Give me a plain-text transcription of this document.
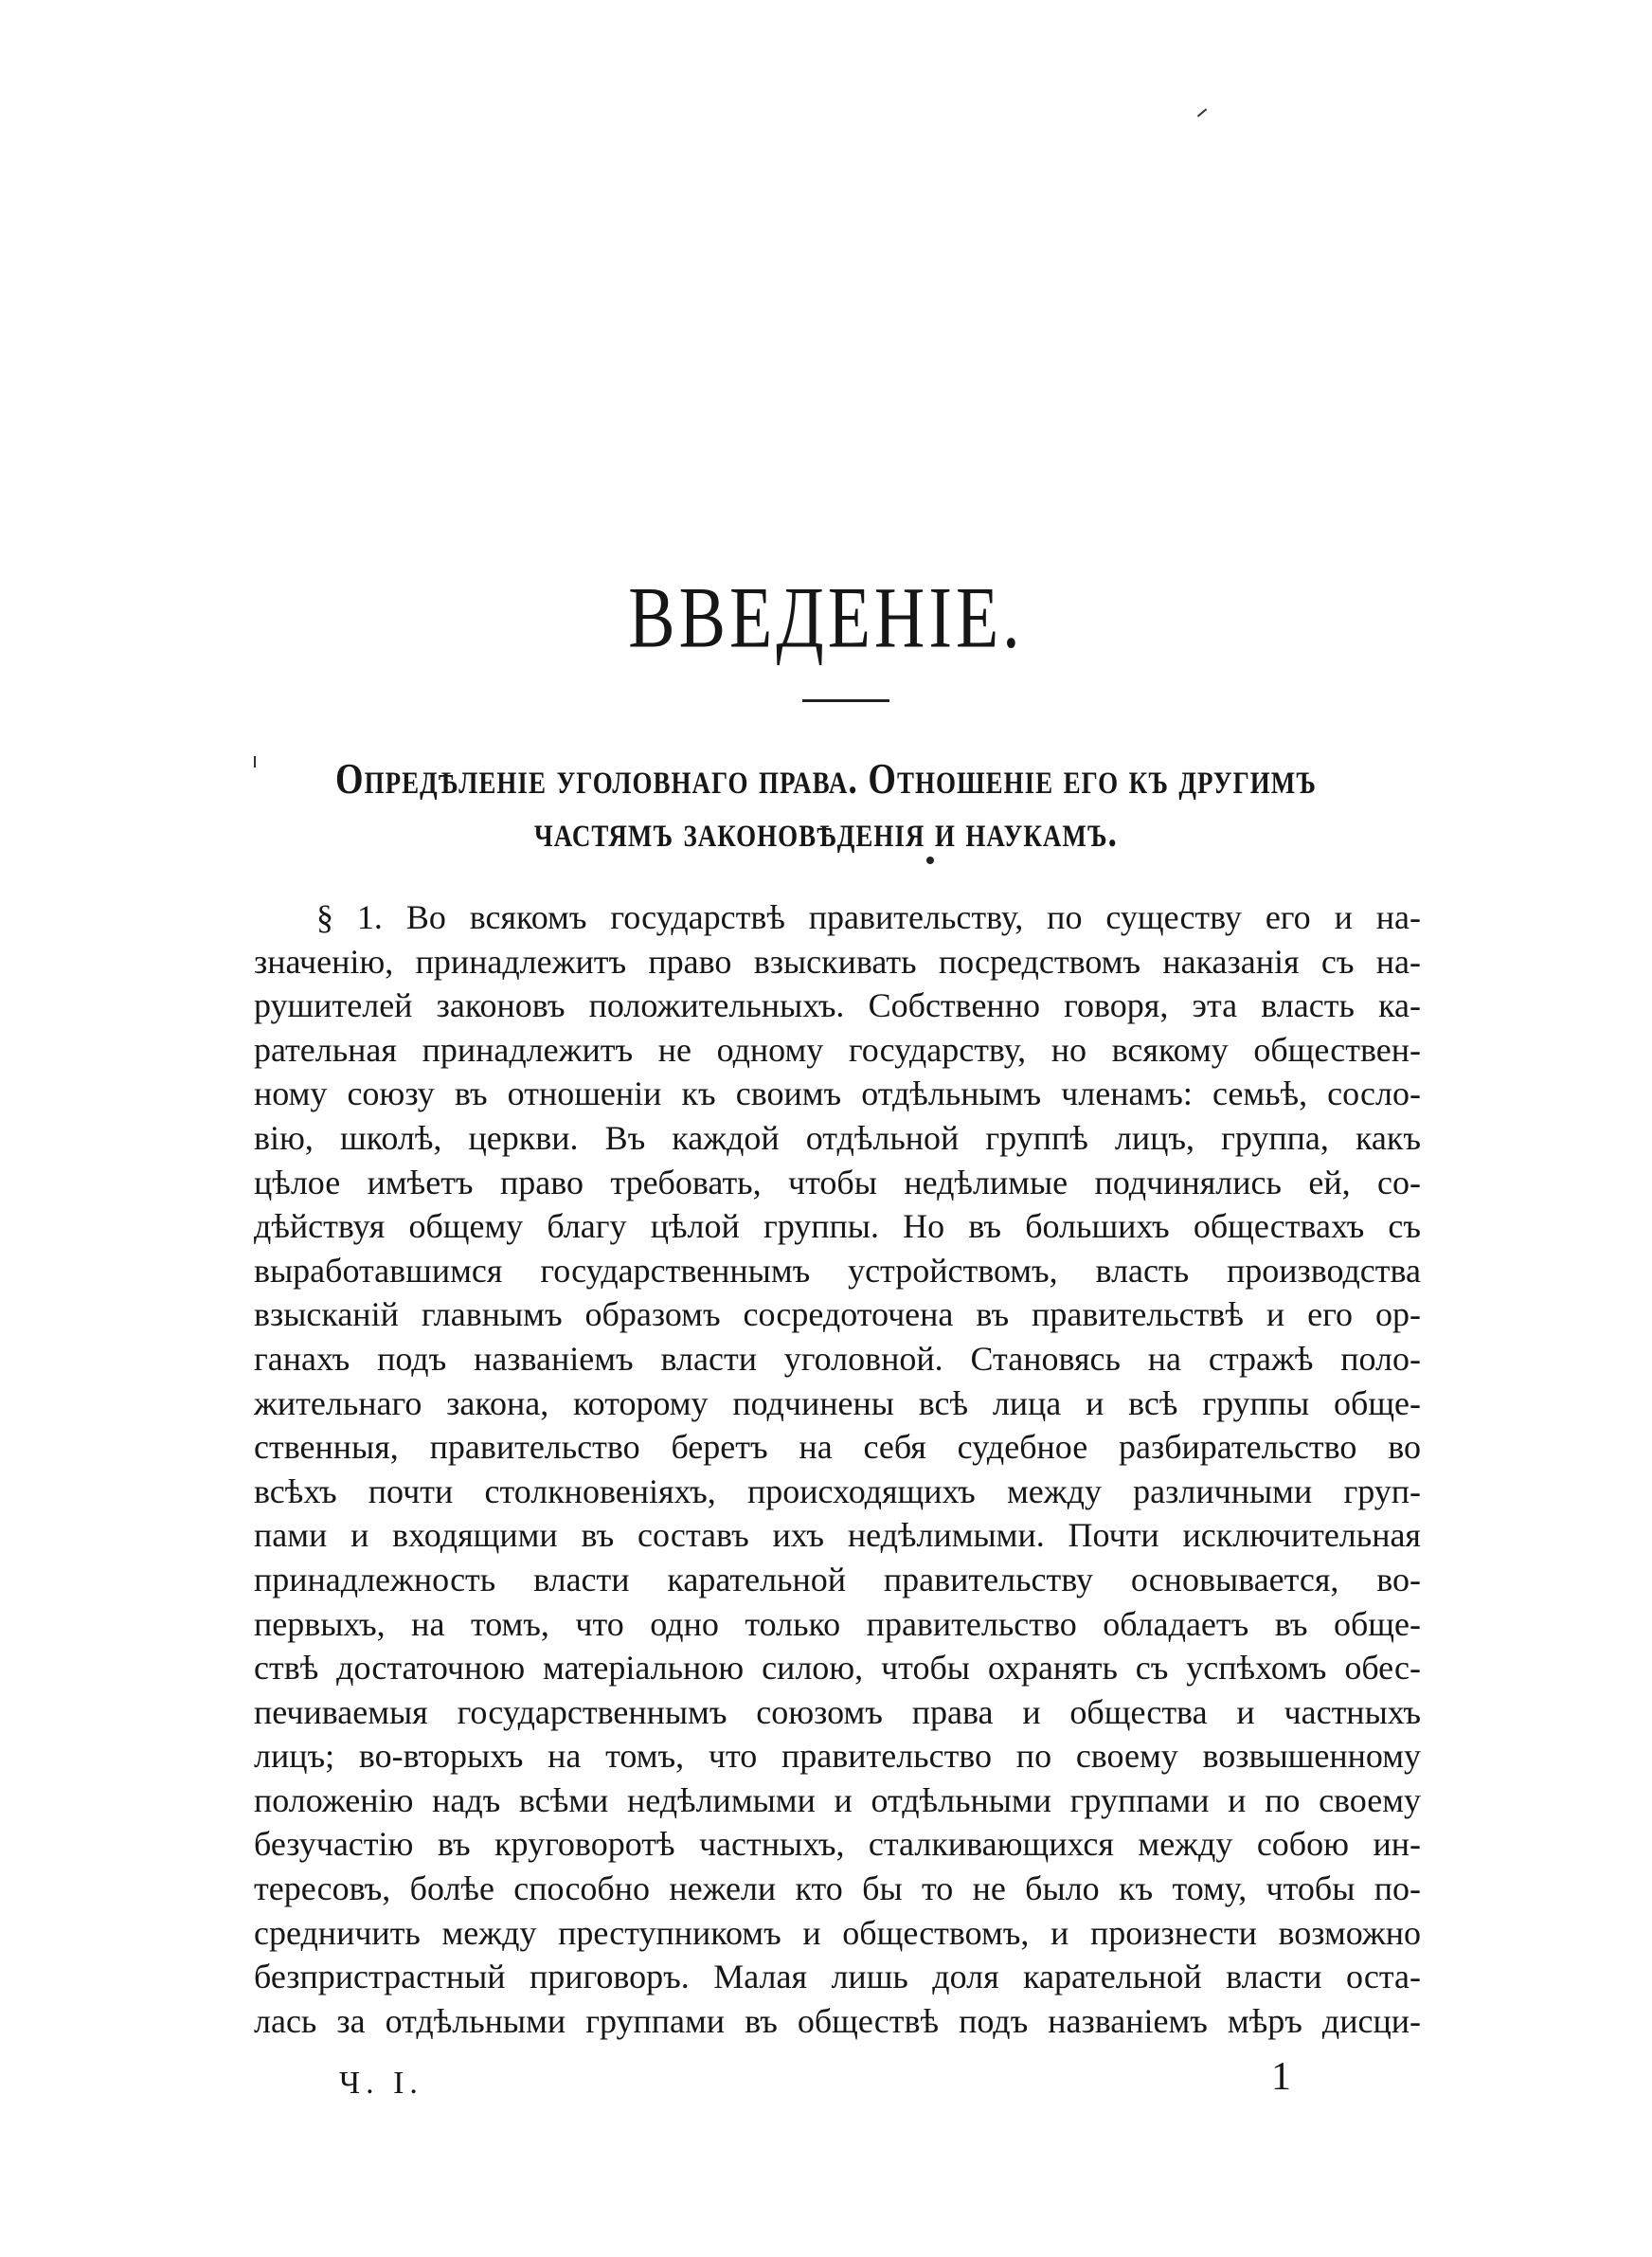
ВВЕДЕНІЕ.
Опредѣленіе уголовнаго права. Отношеніе его къ другимъ
частямъ законовѣденія и наукамъ.
§ 1. Во всякомъ государствѣ правительству, по существу его и на-
значенію, принадлежитъ право взыскивать посредствомъ наказанія съ на-
рушителей законовъ положительныхъ. Собственно говоря, эта власть ка-
рательная принадлежитъ не одному государству, но всякому обществен-
ному союзу въ отношеніи къ своимъ отдѣльнымъ членамъ: семьѣ, сосло-
вію, школѣ, церкви. Въ каждой отдѣльной группѣ лицъ, группа, какъ
цѣлое имѣетъ право требовать, чтобы недѣлимые подчинялись ей, со-
дѣйствуя общему благу цѣлой группы. Но въ большихъ обществахъ съ
выработавшимся государственнымъ устройствомъ, власть производства
взысканій главнымъ образомъ сосредоточена въ правительствѣ и его ор-
ганахъ подъ названіемъ власти уголовной. Становясь на стражѣ поло-
жительнаго закона, которому подчинены всѣ лица и всѣ группы обще-
ственныя, правительство беретъ на себя судебное разбирательство во
всѣхъ почти столкновеніяхъ, происходящихъ между различными груп-
пами и входящими въ составъ ихъ недѣлимыми. Почти исключительная
принадлежность власти карательной правительству основывается, во-
первыхъ, на томъ, что одно только правительство обладаетъ въ обще-
ствѣ достаточною матеріальною силою, чтобы охранять съ успѣхомъ обес-
печиваемыя государственнымъ союзомъ права и общества и частныхъ
лицъ; во-вторыхъ на томъ, что правительство по своему возвышенному
положенію надъ всѣми недѣлимыми и отдѣльными группами и по своему
безучастію въ круговоротѣ частныхъ, сталкивающихся между собою ин-
тересовъ, болѣе способно нежели кто бы то не было къ тому, чтобы по-
средничить между преступникомъ и обществомъ, и произнести возможно
безпристрастный приговоръ. Малая лишь доля карательной власти оста-
лась за отдѣльными группами въ обществѣ подъ названіемъ мѣръ дисци-
Ч. І.	1
